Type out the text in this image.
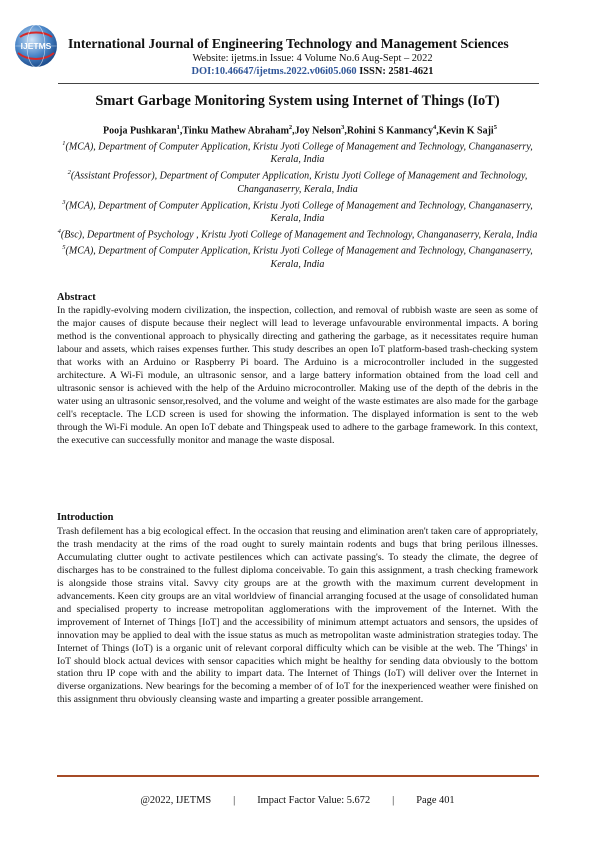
IJETMS International Journal of Engineering Technology and Management Sciences
Website: ijetms.in Issue: 4 Volume No.6 Aug-Sept – 2022
DOI:10.46647/ijetms.2022.v06i05.060 ISSN: 2581-4621
Smart Garbage Monitoring System using Internet of Things (IoT)
Pooja Pushkaran$^1$,Tinku Mathew Abraham$^2$,Joy Nelson$^3$,Rohini S Kanmancy$^4$,Kevin K Saji$^5$

$^1$(MCA), Department of Computer Application, Kristu Jyoti College of Management and Technology, Changanaserry, Kerala, India

$^2$(Assistant Professor), Department of Computer Application, Kristu Jyoti College of Management and Technology, Changanaserry, Kerala, India

$^3$(MCA), Department of Computer Application, Kristu Jyoti College of Management and Technology, Changanaserry, Kerala, India

$^4$(Bsc), Department of Psychology , Kristu Jyoti College of Management and Technology, Changanaserry, Kerala, India

$^5$(MCA), Department of Computer Application, Kristu Jyoti College of Management and Technology, Changanaserry, Kerala, India

Abstract

In the rapidly-evolving modern civilization, the inspection, collection, and removal of rubbish waste are seen as some of the major causes of dispute because their neglect will lead to leverage unfavourable environmental impacts. A boring method is the conventional approach to physically directing and gathering the garbage, as it necessitates require human labour and assets, which raises expenses further. This study describes an open IoT platform-based trash-checking system that works with an Arduino or Raspberry Pi board. The Arduino is a microcontroller included in the suggested architecture. A Wi-Fi module, an ultrasonic sensor, and a large battery information obtained from the load cell and ultrasonic sensor is achieved with the help of the Arduino microcontroller. Making use of the depth of the debris in the water using an ultrasonic sensor,resolved, and the volume and weight of the waste estimates are also made for the garbage cell's receptacle. The LCD screen is used for showing the information. The displayed information is sent to the web through the Wi-Fi module. An open IoT debate and Thingspeak used to adhere to the garbage framework. In this context, the executive can successfully monitor and manage the waste disposal.

Introduction

Trash defilement has a big ecological effect. In the occasion that reusing and elimination aren't taken care of appropriately, the trash mendacity at the rims of the road ought to surely maintain rodents and bugs that bring perilous illnesses. Accumulating clutter ought to activate pestilences which can activate passing's. To steady the climate, the degree of discharges has to be constrained to the fullest diploma conceivable. To gain this assignment, a trash checking framework is alongside those strains vital. Savvy city groups are at the growth with the maximum current development in advancements. Keen city groups are an vital worldview of financial arranging focused at the usage of consolidated human and specialised property to increase metropolitan agglomerations with the improvement of the Internet. With the improvement of Internet of Things [IoT] and the accessibility of minimum attempt actuators and sensors, the upsides of innovation may be applied to deal with the issue status as much as metropolitan waste administration strategies today. The Internet of Things (IoT) is a organic unit of relevant corporal difficulty which can be visible at the web. The 'Things' in IoT should block actual devices with sensor capacities which might be healthy for sending data obviously to the bottom station thru IP cope with and the ability to impart data. The Internet of Things (IoT) will deliver over the Internet in diverse organizations. New bearings for the becoming a member of of IoT for the inexperienced weather were finished on this assignment thru obviously cleansing waste and imparting a greater possible arrangement.

@2022, IJETMS | Impact Factor Value: 5.672 | Page 401
